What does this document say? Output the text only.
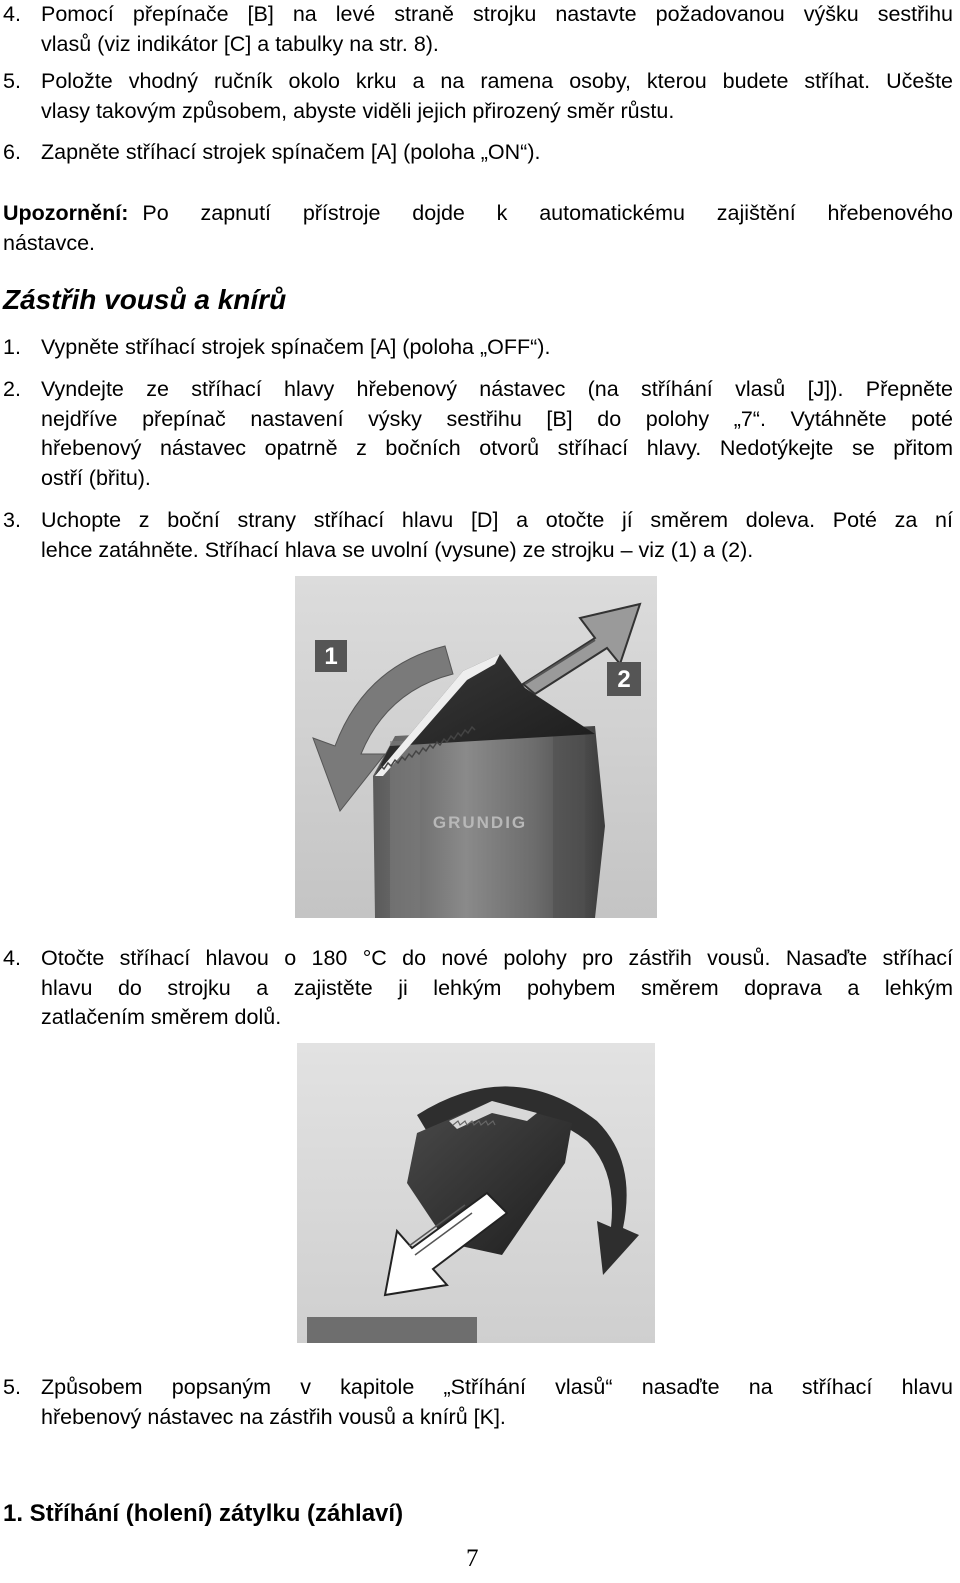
4. Pomocí přepínače [B] na levé straně strojku nastavte požadovanou výšku sestřihu
vlasů (viz indikátor [C] a tabulky na str. 8).
5. Položte vhodný ručník okolo krku a na ramena osoby, kterou budete stříhat. Učešte
vlasy takovým způsobem, abyste viděli jejich přirozený směr růstu.
6. Zapněte stříhací strojek spínačem [A] (poloha „ON“).
Upozornění: Po zapnutí přístroje dojde k automatickému zajištění hřebenového
nástavce.
Zástřih vousů a knírů
1. Vypněte stříhací strojek spínačem [A] (poloha „OFF“).
2. Vyndejte ze stříhací hlavy hřebenový nástavec (na stříhání vlasů [J]). Přepněte
nejdříve přepínač nastavení výsky sestřihu [B] do polohy „7“. Vytáhněte poté
hřebenový nástavec opatrně z bočních otvorů stříhací hlavy. Nedotýkejte se přitom
ostří (břitu).
3. Uchopte z boční strany stříhací hlavu [D] a otočte jí směrem doleva. Poté za ní
lehce zatáhněte. Stříhací hlava se uvolní (vysune) ze strojku – viz (1) a (2).
GRUNDIG
1
2
4. Otočte stříhací hlavou o 180 °C do nové polohy pro zástřih vousů. Nasaďte stříhací
hlavu do strojku a zajistěte ji lehkým pohybem směrem doprava a lehkým
zatlačením směrem dolů.
5. Způsobem popsaným v kapitole „Stříhání vlasů“ nasaďte na stříhací hlavu
hřebenový nástavec na zástřih vousů a knírů [K].
1. Stříhání (holení) zátylku (záhlaví)
7
